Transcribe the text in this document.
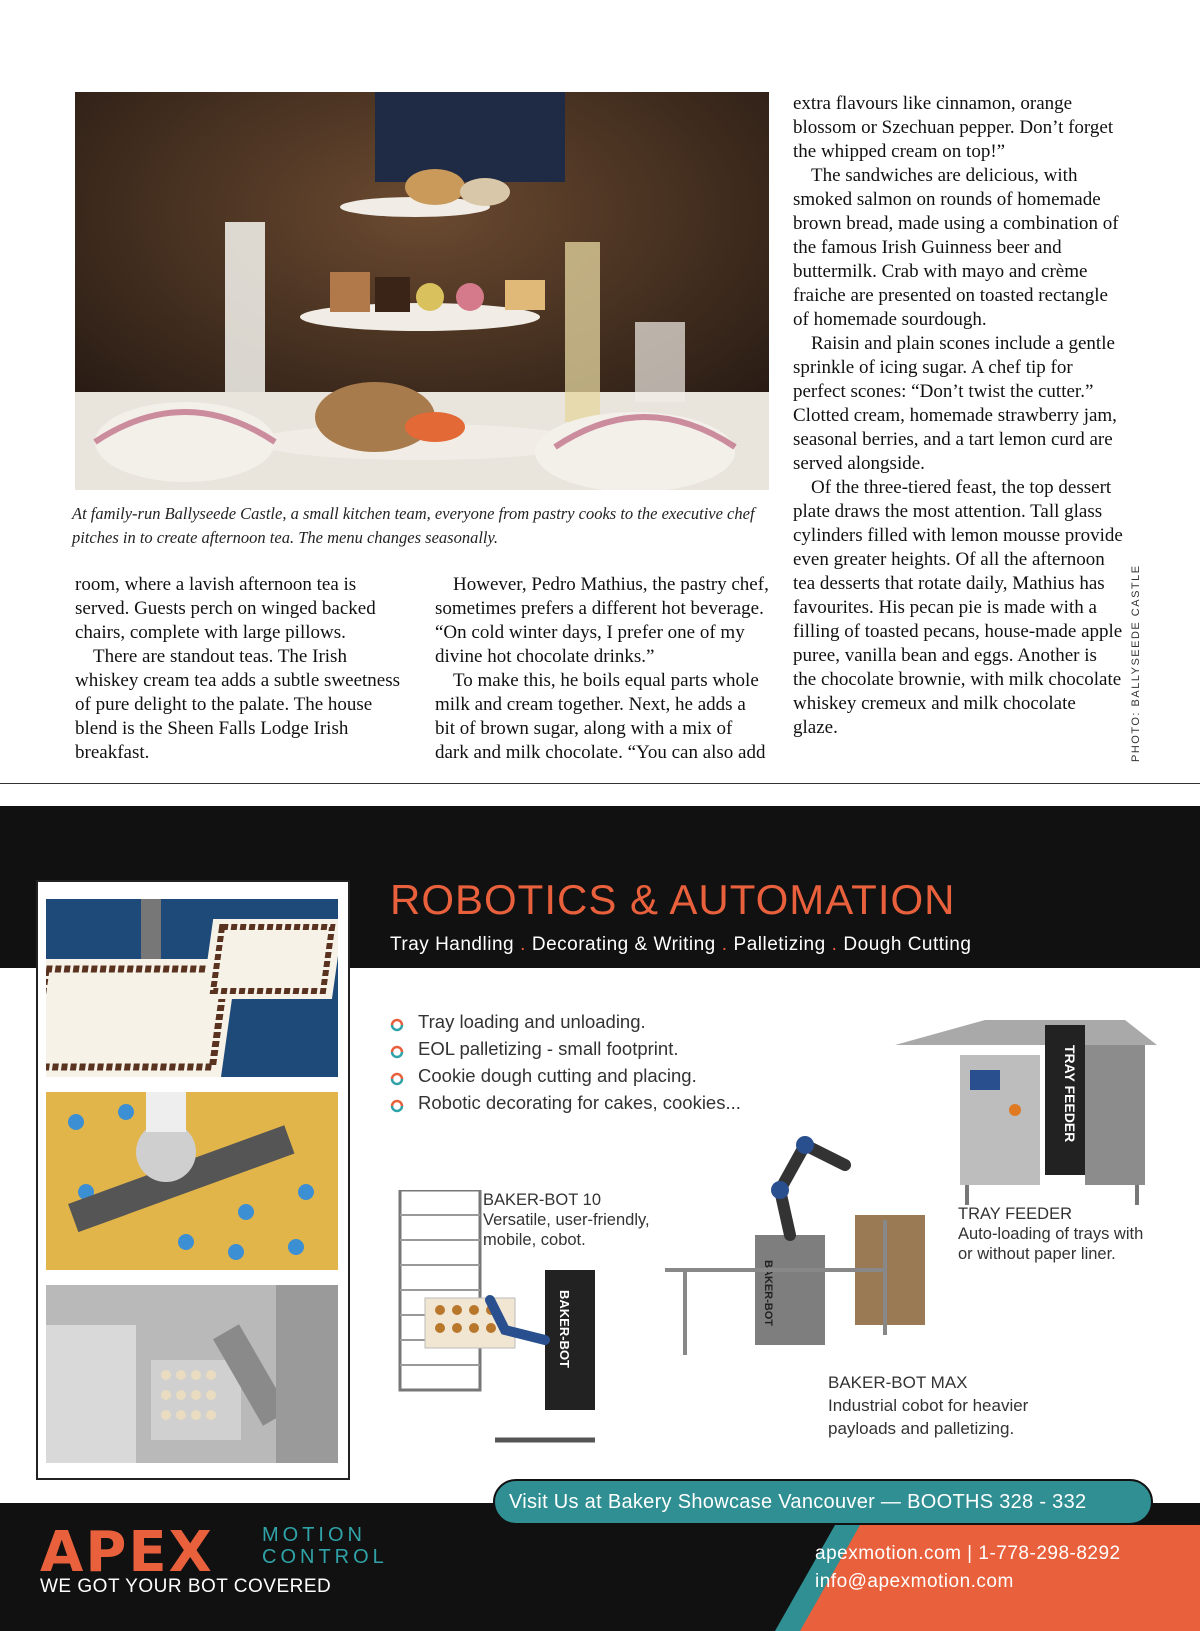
At family-run Ballyseede Castle, a small kitchen team, everyone from pastry cooks to the executive chef pitches in to create afternoon tea. The menu changes seasonally.

room, where a lavish afternoon tea is served. Guests perch on winged backed chairs, complete with large pillows.

There are standout teas. The Irish whiskey cream tea adds a subtle sweetness of pure delight to the palate. The house blend is the Sheen Falls Lodge Irish breakfast.

However, Pedro Mathius, the pastry chef, sometimes prefers a different hot beverage. “On cold winter days, I prefer one of my divine hot chocolate drinks.”

To make this, he boils equal parts whole milk and cream together. Next, he adds a bit of brown sugar, along with a mix of dark and milk chocolate. “You can also add

extra flavours like cinnamon, orange blossom or Szechuan pepper. Don’t forget the whipped cream on top!”

The sandwiches are delicious, with smoked salmon on rounds of homemade brown bread, made using a combination of the famous Irish Guinness beer and buttermilk. Crab with mayo and crème fraiche are presented on toasted rectangle of homemade sourdough.

Raisin and plain scones include a gentle sprinkle of icing sugar. A chef tip for perfect scones: “Don’t twist the cutter.” Clotted cream, homemade strawberry jam, seasonal berries, and a tart lemon curd are served alongside.

Of the three-tiered feast, the top dessert plate draws the most attention. Tall glass cylinders filled with lemon mousse provide even greater heights. Of all the afternoon tea desserts that rotate daily, Mathius has favourites. His pecan pie is made with a filling of toasted pecans, house-made apple puree, vanilla bean and eggs. Another is the chocolate brownie, with milk chocolate whiskey cremeux and milk chocolate glaze.	PHOTO: BALLYSEEDE CASTLE
ROBOTICS & AUTOMATION
Tray Handling . Decorating & Writing . Palletizing . Dough Cutting
Tray loading and unloading.
EOL palletizing - small footprint.
Cookie dough cutting and placing.
Robotic decorating for cakes, cookies...	TRAY FEEDER
TRAY FEEDER
Auto-loading of trays with
or without paper liner.
BAKER-BOT
BAKER-BOT MAX
Industrial cobot for heavier
payloads and palletizing.
BAKER-BOT
BAKER-BOT 10
Versatile, user-friendly,
mobile, cobot.
Visit Us at Bakery Showcase Vancouver — BOOTHS 328 - 332
APEX MOTION
CONTROL
WE GOT YOUR BOT COVERED
apexmotion.com | 1-778-298-8292
info@apexmotion.com
